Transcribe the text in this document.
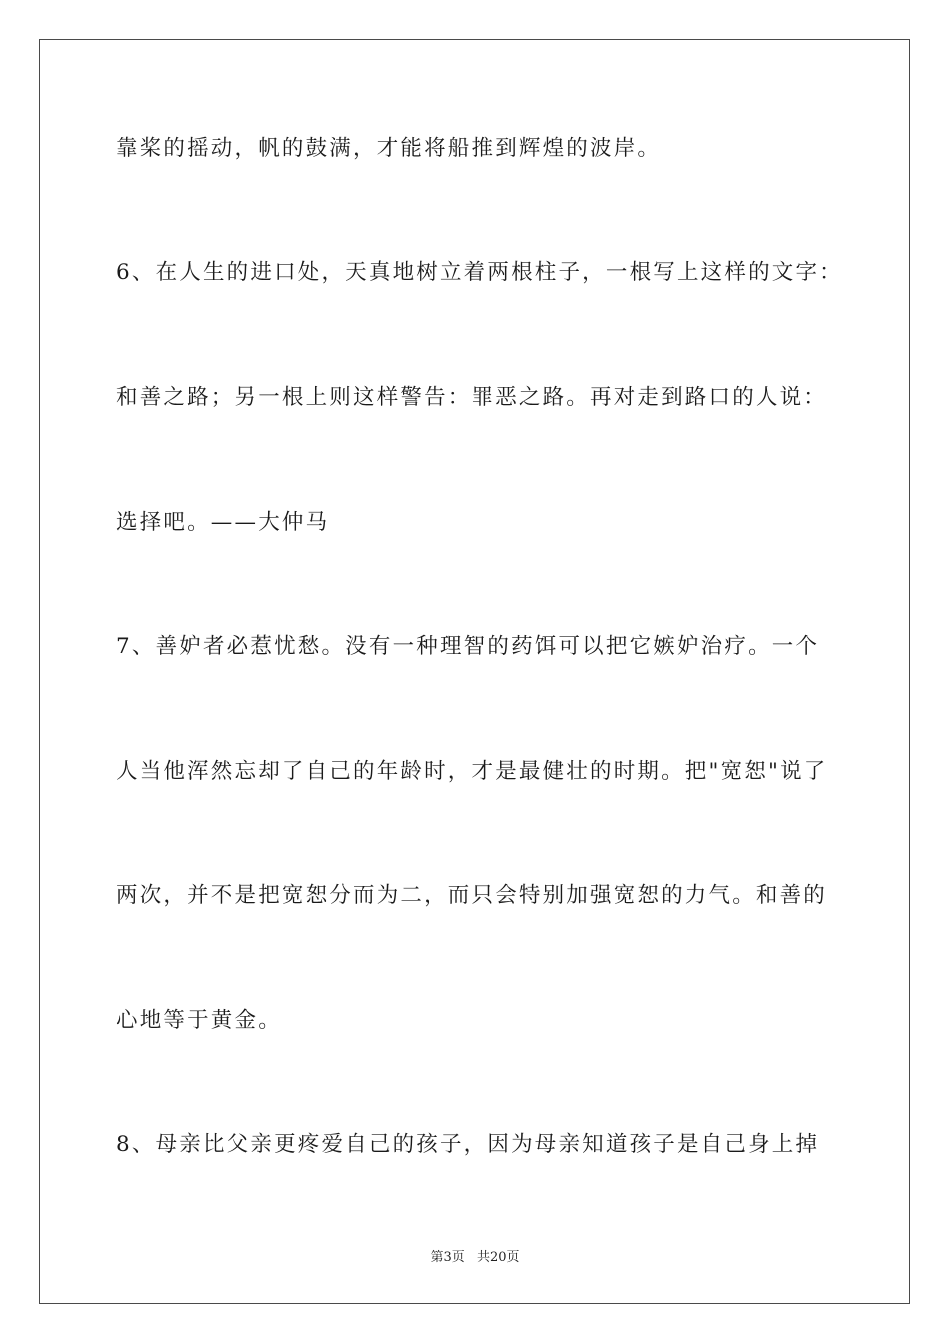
靠桨的摇动，帆的鼓满，才能将船推到辉煌的波岸。
6、在人生的进口处，天真地树立着两根柱子，一根写上这样的文字：
和善之路；另一根上则这样警告：罪恶之路。再对走到路口的人说：
选择吧。——大仲马
7、善妒者必惹忧愁。没有一种理智的药饵可以把它嫉妒治疗。一个
人当他浑然忘却了自己的年龄时，才是最健壮的时期。把"宽恕"说了
两次，并不是把宽恕分而为二，而只会特别加强宽恕的力气。和善的
心地等于黄金。
8、母亲比父亲更疼爱自己的孩子，因为母亲知道孩子是自己身上掉
第3页 共20页
